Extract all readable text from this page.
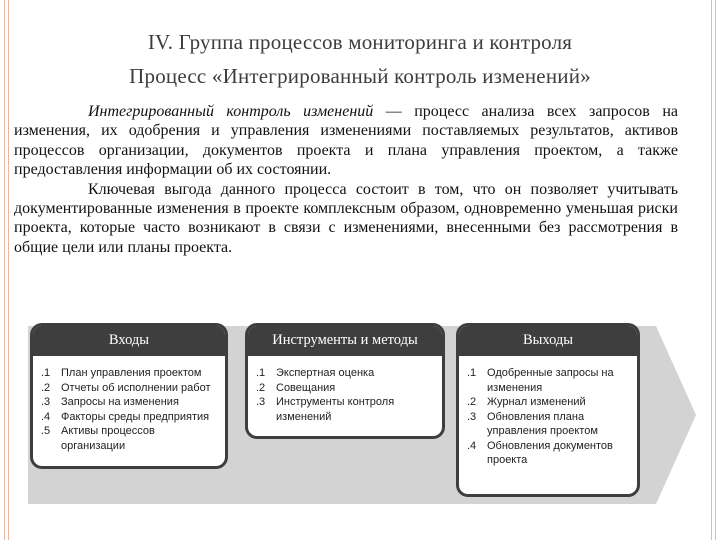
IV. Группа процессов мониторинга и контроля
Процесс «Интегрированный контроль изменений»

Интегрированный контроль изменений — процесс анализа всех запросов на изменения, их одобрения и управления изменениями поставляемых результатов, активов процессов организации, документов проекта и плана управления проектом, а также предоставления информации об их состоянии.

Ключевая выгода данного процесса состоит в том, что он позволяет учитывать документированные изменения в проекте комплексным образом, одновременно уменьшая риски проекта, которые часто возникают в связи с изменениями, внесенными без рассмотрения в общие цели или планы проекта.

Входы
.1 План управления проектом
.2 Отчеты об исполнении работ
.3 Запросы на изменения
.4 Факторы среды предприятия
.5 Активы процессов организации
Инструменты и методы
.1 Экспертная оценка
.2 Совещания
.3 Инструменты контроля изменений
Выходы
.1 Одобренные запросы на изменения
.2 Журнал изменений
.3 Обновления плана управления проектом
.4 Обновления документов проекта
